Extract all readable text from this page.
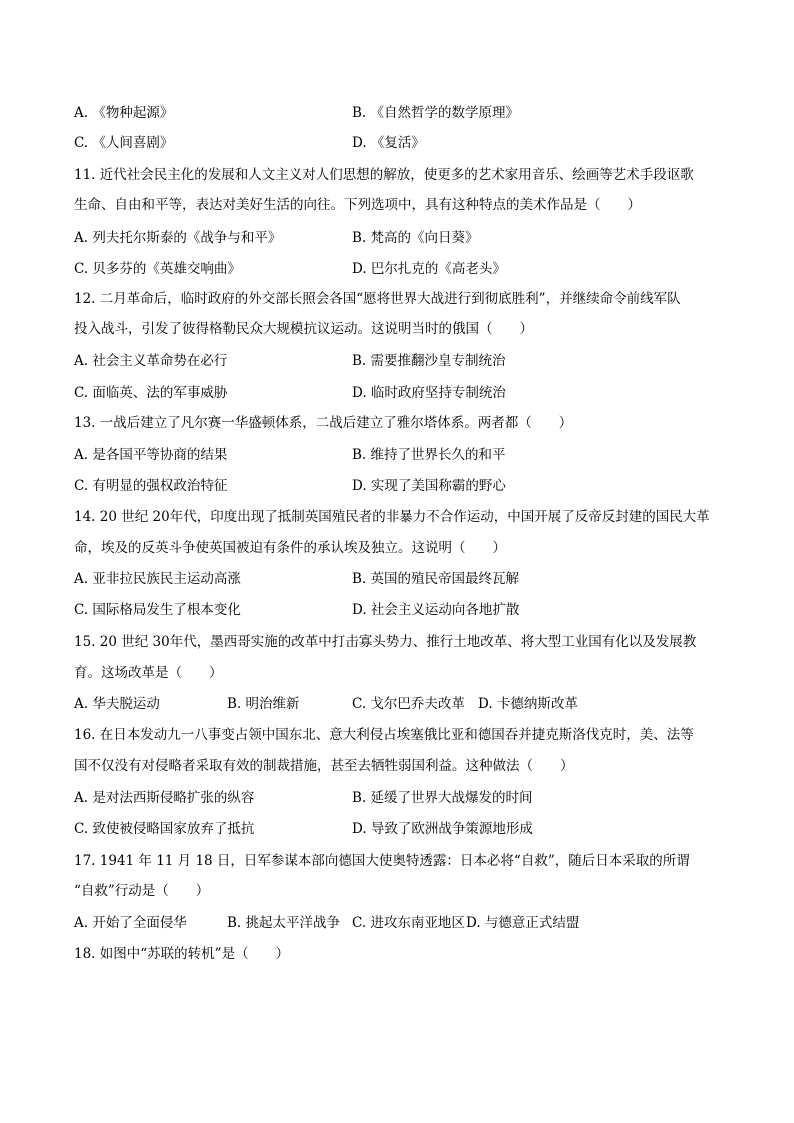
A. 《物种起源》	B. 《自然哲学的数学原理》
C. 《人间喜剧》	D. 《复活》
11. 近代社会民主化的发展和人文主义对人们思想的解放，使更多的艺术家用音乐、绘画等艺术手段讴歌
生命、自由和平等，表达对美好生活的向往。下列选项中，具有这种特点的美术作品是（　　）
A. 列夫托尔斯泰的《战争与和平》	B. 梵高的《向日葵》
C. 贝多芬的《英雄交响曲》	D. 巴尔扎克的《高老头》
12. 二月革命后，临时政府的外交部长照会各国“愿将世界大战进行到彻底胜利”，并继续命令前线军队
投入战斗，引发了彼得格勒民众大规模抗议运动。这说明当时的俄国（　　）
A. 社会主义革命势在必行	B. 需要推翻沙皇专制统治
C. 面临英、法的军事威胁	D. 临时政府坚持专制统治
13. 一战后建立了凡尔赛一华盛顿体系，二战后建立了雅尔塔体系。两者都（　　）
A. 是各国平等协商的结果	B. 维持了世界长久的和平
C. 有明显的强权政治特征	D. 实现了美国称霸的野心
14. 20 世纪 20年代，印度出现了抵制英国殖民者的非暴力不合作运动，中国开展了反帝反封建的国民大革
命，埃及的反英斗争使英国被迫有条件的承认埃及独立。这说明（　　）
A. 亚非拉民族民主运动高涨	B. 英国的殖民帝国最终瓦解
C. 国际格局发生了根本变化	D. 社会主义运动向各地扩散
15. 20 世纪 30年代，墨西哥实施的改革中打击寡头势力、推行土地改革、将大型工业国有化以及发展教
育。这场改革是（　　）
A. 华夫脱运动	B. 明治维新	C. 戈尔巴乔夫改革 D. 卡德纳斯改革
16. 在日本发动九一八事变占领中国东北、意大利侵占埃塞俄比亚和德国吞并捷克斯洛伐克时，美、法等
国不仅没有对侵略者采取有效的制裁措施，甚至去牺牲弱国利益。这种做法（　　）
A. 是对法西斯侵略扩张的纵容	B. 延缓了世界大战爆发的时间
C. 致使被侵略国家放弃了抵抗	D. 导致了欧洲战争策源地形成
17. 1941 年 11 月 18 日，日军参谋本部向德国大使奥特透露：日本必将“自救”，随后日本采取的所谓
“自救”行动是（　　）
A. 开始了全面侵华	B. 挑起太平洋战争 C. 进攻东南亚地区 D. 与德意正式结盟
18. 如图中“苏联的转机”是（　　）
